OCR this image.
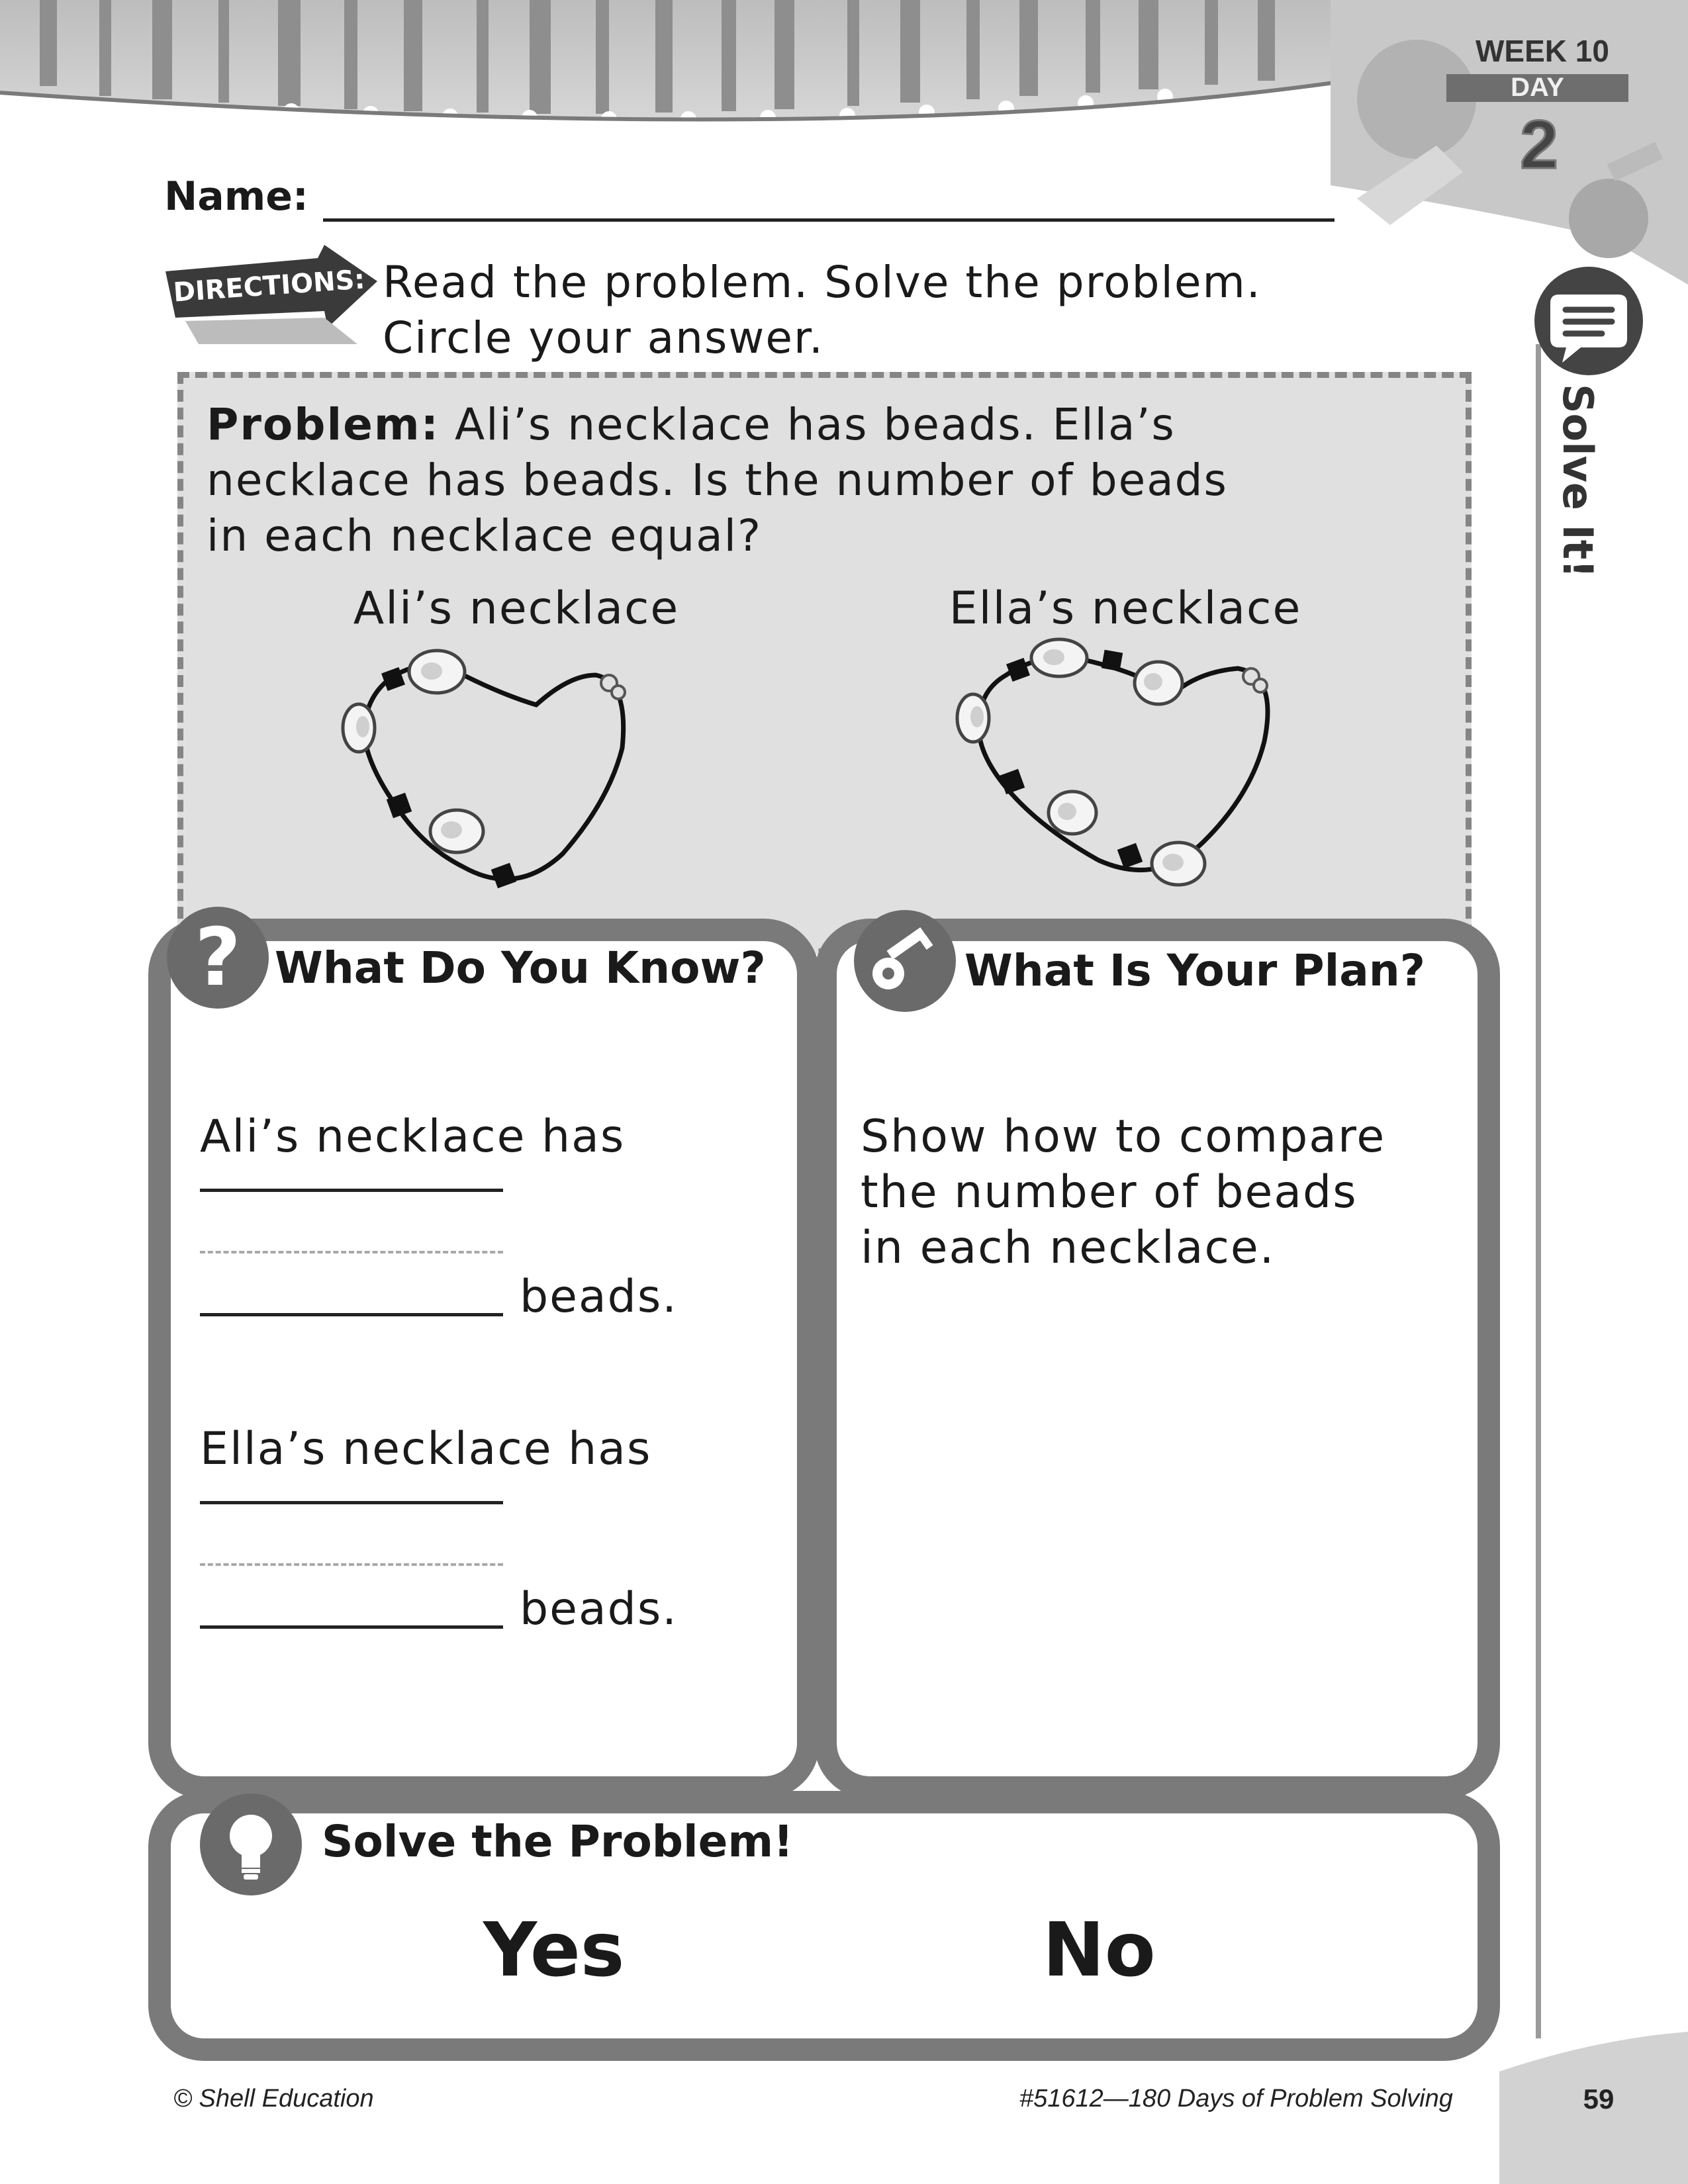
WEEK 10
DAY
2
Solve It!
Name:
DIRECTIONS: Read the problem. Solve the problem.
Circle your answer.
Problem: Ali’s necklace has beads. Ella’s
necklace has beads. Is the number of beads
in each necklace equal?
Ali’s necklace	Ella’s necklace
? What Do You Know?
Ali’s necklace has
beads.
Ella’s necklace has
beads.
What Is Your Plan?
Show how to compare
the number of beads
in each necklace.
Solve the Problem!
Yes	No
© Shell Education	#51612—180 Days of Problem Solving	59
